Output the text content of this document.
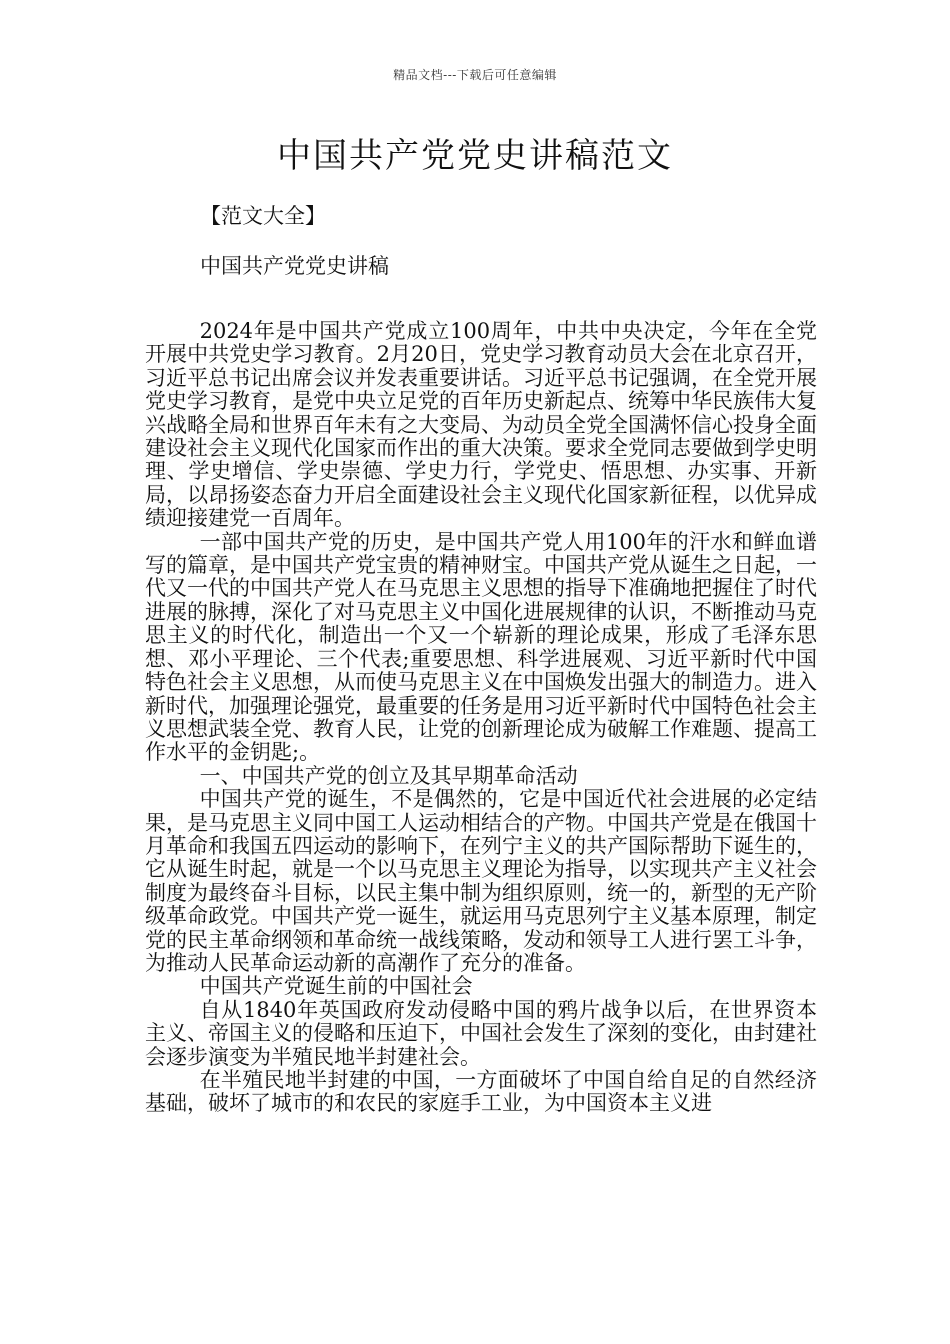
精品文档---下载后可任意编辑
中国共产党党史讲稿范文
【范文大全】
中国共产党党史讲稿

2024年是中国共产党成立100周年，中共中央决定，今年在全党开展中共党史学习教育。2月20日，党史学习教育动员大会在北京召开，习近平总书记出席会议并发表重要讲话。习近平总书记强调，在全党开展党史学习教育，是党中央立足党的百年历史新起点、统筹中华民族伟大复兴战略全局和世界百年未有之大变局、为动员全党全国满怀信心投身全面建设社会主义现代化国家而作出的重大决策。要求全党同志要做到学史明理、学史增信、学史崇德、学史力行，学党史、悟思想、办实事、开新局，以昂扬姿态奋力开启全面建设社会主义现代化国家新征程，以优异成绩迎接建党一百周年。

一部中国共产党的历史，是中国共产党人用100年的汗水和鲜血谱写的篇章，是中国共产党宝贵的精神财宝。中国共产党从诞生之日起，一代又一代的中国共产党人在马克思主义思想的指导下准确地把握住了时代进展的脉搏，深化了对马克思主义中国化进展规律的认识，不断推动马克思主义的时代化，制造出一个又一个崭新的理论成果，形成了毛泽东思想、邓小平理论、三个代表;重要思想、科学进展观、习近平新时代中国特色社会主义思想，从而使马克思主义在中国焕发出强大的制造力。进入新时代，加强理论强党，最重要的任务是用习近平新时代中国特色社会主义思想武装全党、教育人民，让党的创新理论成为破解工作难题、提高工作水平的金钥匙;。

一、中国共产党的创立及其早期革命活动

中国共产党的诞生，不是偶然的，它是中国近代社会进展的必定结果，是马克思主义同中国工人运动相结合的产物。中国共产党是在俄国十月革命和我国五四运动的影响下，在列宁主义的共产国际帮助下诞生的，它从诞生时起，就是一个以马克思主义理论为指导，以实现共产主义社会制度为最终奋斗目标，以民主集中制为组织原则，统一的，新型的无产阶级革命政党。中国共产党一诞生，就运用马克思列宁主义基本原理，制定党的民主革命纲领和革命统一战线策略，发动和领导工人进行罢工斗争，为推动人民革命运动新的高潮作了充分的准备。

中国共产党诞生前的中国社会

自从1840年英国政府发动侵略中国的鸦片战争以后，在世界资本主义、帝国主义的侵略和压迫下，中国社会发生了深刻的变化，由封建社会逐步演变为半殖民地半封建社会。

在半殖民地半封建的中国，一方面破坏了中国自给自足的自然经济基础，破坏了城市的和农民的家庭手工业，为中国资本主义进
